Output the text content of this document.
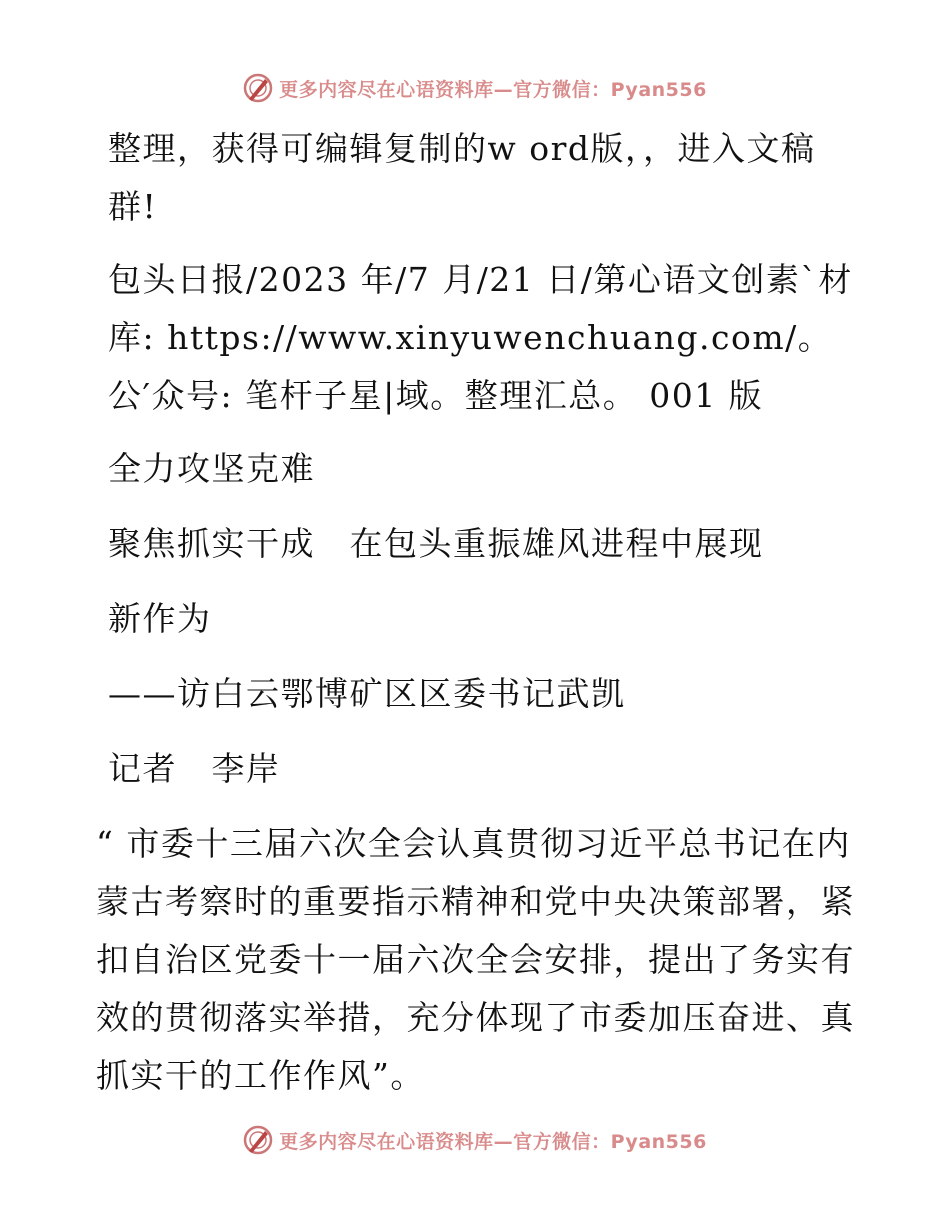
更多内容尽在心语资料库—官方微信：Pyan556

整理，获得可编辑复制的w ord版，，进入文稿群!

包头日报/2023 年/7 月/21 日/第心语文创素`材库: https://www.xinyuwenchuang.com/。公′众号: 笔杆子星|域。整理汇总。 001 版

全力攻坚克难

聚焦抓实干成　在包头重振雄风进程中展现

新作为

——访白云鄂博矿区区委书记武凯

记者　李岸

“ 市委十三届六次全会认真贯彻习近平总书记在内蒙古考察时的重要指示精神和党中央决策部署，紧扣自治区党委十一届六次全会安排，提出了务实有效的贯彻落实举措，充分体现了市委加压奋进、真抓实干的工作作风”。

更多内容尽在心语资料库—官方微信：Pyan556
